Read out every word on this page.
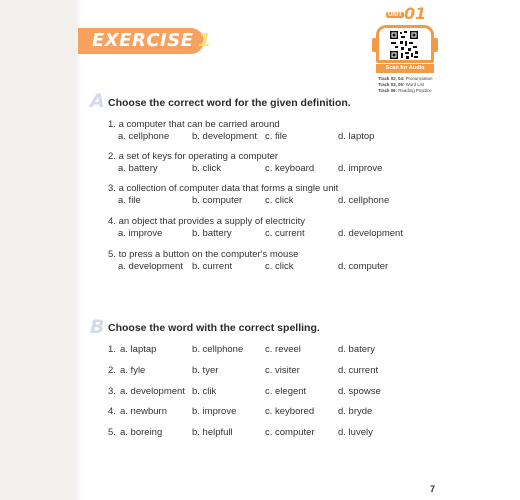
EXERCISE 1
UNIT 01
Scan for Audio
Track 02, 04: Pronunciation
Track 03, 05: Word List
Track 06: Reading Practice
A Choose the correct word for the given definition.
1. a computer that can be carried around
a. cellphone b. development c. file	d. laptop
2. a set of keys for operating a computer
a. battery	b. click	c. keyboard	d. improve
3. a collection of computer data that forms a single unit
a. file	b. computer c. click	d. cellphone
4. an object that provides a supply of electricity
a. improve	b. battery	c. current	d. development
5. to press a button on the computer's mouse
a. development b. current	c. click	d. computer
B Choose the word with the correct spelling.
1. a. laptap	b. cellphone c. reveel	d. batery
2. a. fyle	b. tyer	c. visiter	d. current
3. a. development b. clik	c. elegent	d. spowse
4. a. newburn	b. improve	c. keybored	d. bryde
5. a. boreing	b. helpfull	c. computer d. luvely
7
